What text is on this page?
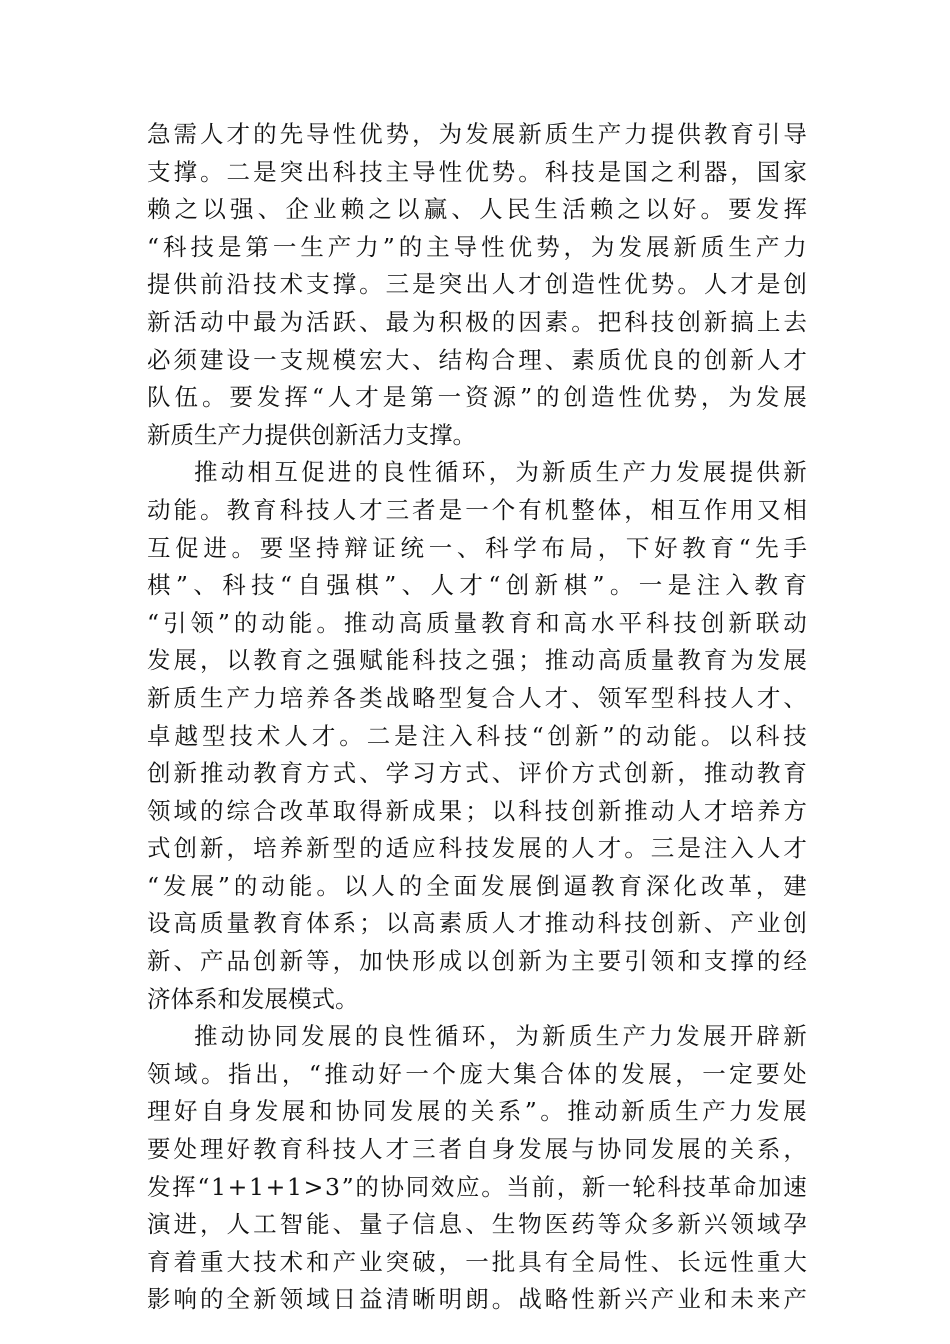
急 需 人 才 的 先 导 性 优 势 ， 为 发 展 新 质 生 产 力 提 供 教 育 引 导
支 撑 。 二 是 突 出 科 技 主 导 性 优 势 。 科 技 是 国 之 利 器 ， 国 家
赖 之 以 强 、 企 业 赖 之 以 赢 、 人 民 生 活 赖 之 以 好 。 要 发 挥
“ 科 技 是 第 一 生 产 力 ” 的 主 导 性 优 势 ， 为 发 展 新 质 生 产 力
提 供 前 沿 技 术 支 撑 。 三 是 突 出 人 才 创 造 性 优 势 。 人 才 是 创
新 活 动 中 最 为 活 跃 、 最 为 积 极 的 因 素 。 把 科 技 创 新 搞 上 去
必 须 建 设 一 支 规 模 宏 大 、 结 构 合 理 、 素 质 优 良 的 创 新 人 才
队 伍 。 要 发 挥 “ 人 才 是 第 一 资 源 ” 的 创 造 性 优 势 ， 为 发 展
新 质 生 产 力 提 供 创 新 活 力 支 撑 。
推 动 相 互 促 进 的 良 性 循 环 ， 为 新 质 生 产 力 发 展 提 供 新
动 能 。 教 育 科 技 人 才 三 者 是 一 个 有 机 整 体 ， 相 互 作 用 又 相
互 促 进 。 要 坚 持 辩 证 统 一 、 科 学 布 局 ， 下 好 教 育 “ 先 手
棋 ” 、 科 技 “ 自 强 棋 ” 、 人 才 “ 创 新 棋 ” 。 一 是 注 入 教 育
“ 引 领 ” 的 动 能 。 推 动 高 质 量 教 育 和 高 水 平 科 技 创 新 联 动
发 展 ， 以 教 育 之 强 赋 能 科 技 之 强 ； 推 动 高 质 量 教 育 为 发 展
新 质 生 产 力 培 养 各 类 战 略 型 复 合 人 才 、 领 军 型 科 技 人 才 、
卓 越 型 技 术 人 才 。 二 是 注 入 科 技 “ 创 新 ” 的 动 能 。 以 科 技
创 新 推 动 教 育 方 式 、 学 习 方 式 、 评 价 方 式 创 新 ， 推 动 教 育
领 域 的 综 合 改 革 取 得 新 成 果 ； 以 科 技 创 新 推 动 人 才 培 养 方
式 创 新 ， 培 养 新 型 的 适 应 科 技 发 展 的 人 才 。 三 是 注 入 人 才
“ 发 展 ” 的 动 能 。 以 人 的 全 面 发 展 倒 逼 教 育 深 化 改 革 ， 建
设 高 质 量 教 育 体 系 ； 以 高 素 质 人 才 推 动 科 技 创 新 、 产 业 创
新 、 产 品 创 新 等 ， 加 快 形 成 以 创 新 为 主 要 引 领 和 支 撑 的 经
济 体 系 和 发 展 模 式 。
推 动 协 同 发 展 的 良 性 循 环 ， 为 新 质 生 产 力 发 展 开 辟 新
领 域 。 指 出 ， “ 推 动 好 一 个 庞 大 集 合 体 的 发 展 ， 一 定 要 处
理 好 自 身 发 展 和 协 同 发 展 的 关 系 ” 。 推 动 新 质 生 产 力 发 展
要 处 理 好 教 育 科 技 人 才 三 者 自 身 发 展 与 协 同 发 展 的 关 系 ，
发 挥 “ 1 + 1 + 1 > 3 ” 的 协 同 效 应 。 当 前 ， 新 一 轮 科 技 革 命 加 速
演 进 ， 人 工 智 能 、 量 子 信 息 、 生 物 医 药 等 众 多 新 兴 领 域 孕
育 着 重 大 技 术 和 产 业 突 破 ， 一 批 具 有 全 局 性 、 长 远 性 重 大
影 响 的 全 新 领 域 日 益 清 晰 明 朗 。 战 略 性 新 兴 产 业 和 未 来 产
